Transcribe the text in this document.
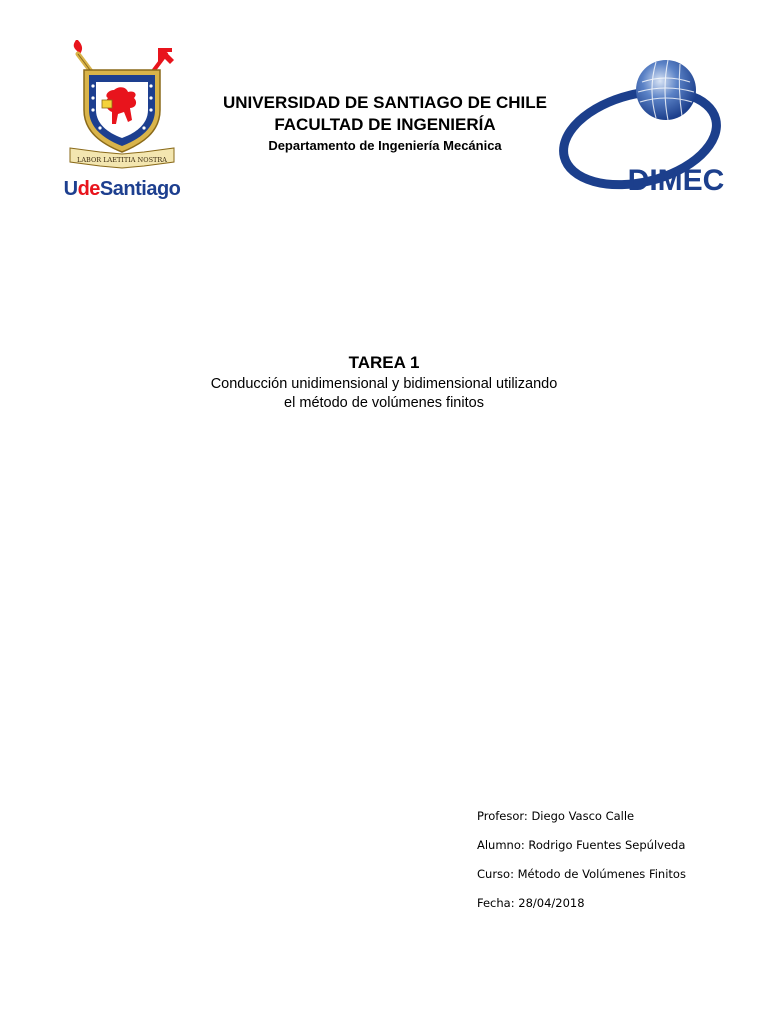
LABOR LAETITIA NOSTRA
UdeSantiago
UNIVERSIDAD DE SANTIAGO DE CHILE
FACULTAD DE INGENIERÍA
Departamento de Ingeniería Mecánica
DIMEC
TAREA 1
Conducción unidimensional y bidimensional utilizando
el método de volúmenes finitos
Profesor: Diego Vasco Calle
Alumno: Rodrigo Fuentes Sepúlveda
Curso: Método de Volúmenes Finitos
Fecha: 28/04/2018
